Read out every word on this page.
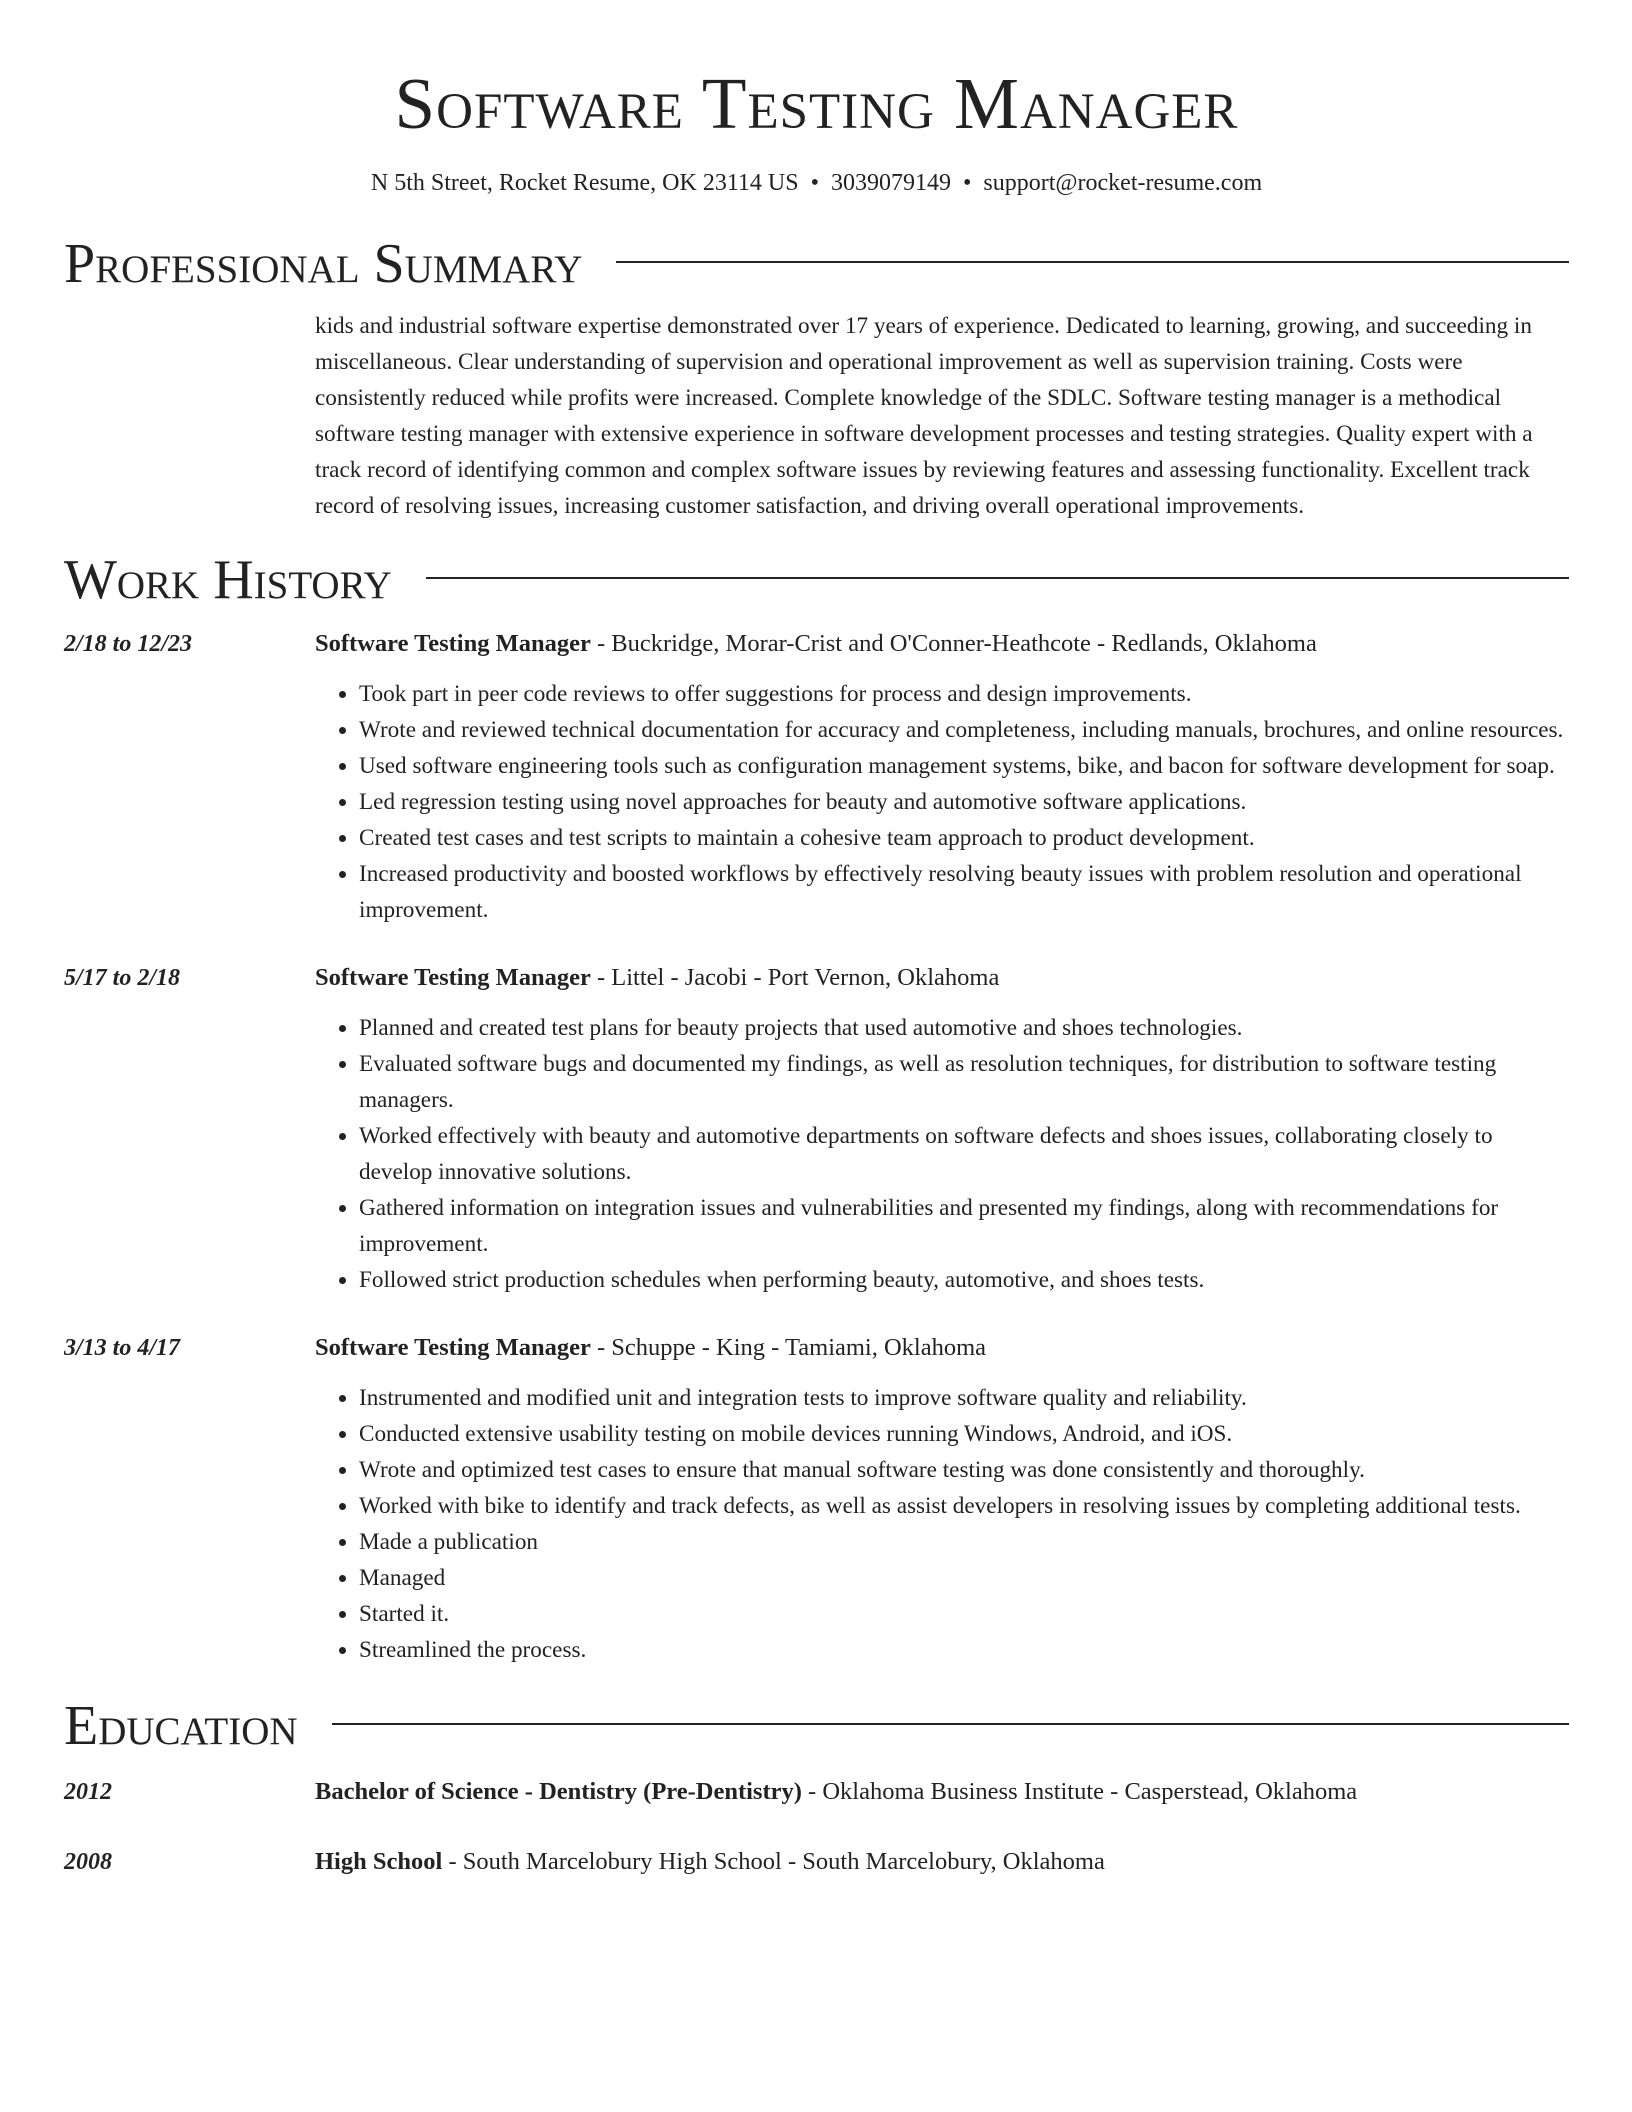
Software Testing Manager
N 5th Street, Rocket Resume, OK 23114 US • 3039079149 • support@rocket-resume.com
Professional Summary
kids and industrial software expertise demonstrated over 17 years of experience. Dedicated to learning, growing, and succeeding in miscellaneous. Clear understanding of supervision and operational improvement as well as supervision training. Costs were consistently reduced while profits were increased. Complete knowledge of the SDLC. Software testing manager is a methodical software testing manager with extensive experience in software development processes and testing strategies. Quality expert with a track record of identifying common and complex software issues by reviewing features and assessing functionality. Excellent track record of resolving issues, increasing customer satisfaction, and driving overall operational improvements.
Work History
2/18 to 12/23	Software Testing Manager - Buckridge, Morar-Crist and O'Conner-Heathcote - Redlands, Oklahoma
• Took part in peer code reviews to offer suggestions for process and design improvements.
• Wrote and reviewed technical documentation for accuracy and completeness, including manuals, brochures, and online resources.
• Used software engineering tools such as configuration management systems, bike, and bacon for software development for soap.
• Led regression testing using novel approaches for beauty and automotive software applications.
• Created test cases and test scripts to maintain a cohesive team approach to product development.
• Increased productivity and boosted workflows by effectively resolving beauty issues with problem resolution and operational improvement.
5/17 to 2/18	Software Testing Manager - Littel - Jacobi - Port Vernon, Oklahoma
• Planned and created test plans for beauty projects that used automotive and shoes technologies.
• Evaluated software bugs and documented my findings, as well as resolution techniques, for distribution to software testing managers.
• Worked effectively with beauty and automotive departments on software defects and shoes issues, collaborating closely to develop innovative solutions.
• Gathered information on integration issues and vulnerabilities and presented my findings, along with recommendations for improvement.
• Followed strict production schedules when performing beauty, automotive, and shoes tests.
3/13 to 4/17	Software Testing Manager - Schuppe - King - Tamiami, Oklahoma
• Instrumented and modified unit and integration tests to improve software quality and reliability.
• Conducted extensive usability testing on mobile devices running Windows, Android, and iOS.
• Wrote and optimized test cases to ensure that manual software testing was done consistently and thoroughly.
• Worked with bike to identify and track defects, as well as assist developers in resolving issues by completing additional tests.
• Made a publication
• Managed
• Started it.
• Streamlined the process.
Education
2012	Bachelor of Science - Dentistry (Pre-Dentistry) - Oklahoma Business Institute - Casperstead, Oklahoma
2008	High School - South Marcelobury High School - South Marcelobury, Oklahoma
